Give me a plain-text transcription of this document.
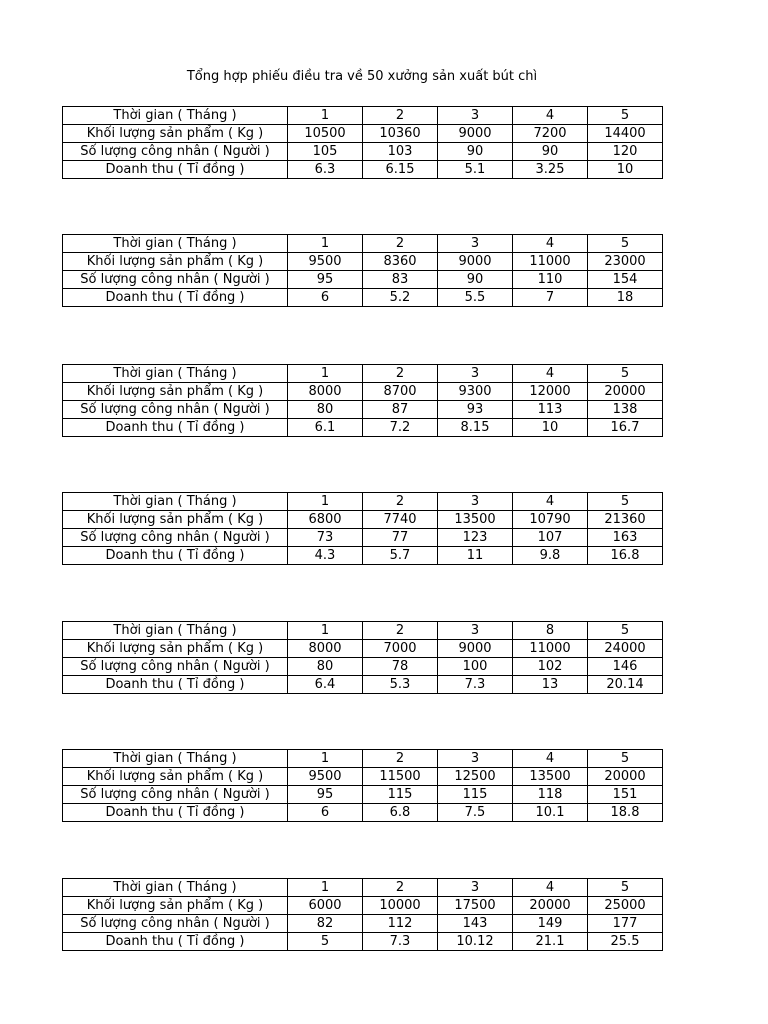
Tổng hợp phiếu điều tra về 50 xưởng sản xuất bút chì
Thời gian ( Tháng )	1	2	3	4	5
Khối lượng sản phẩm ( Kg )	10500	10360	9000	7200	14400
Số lượng công nhân ( Người )	105	103	90	90	120
Doanh thu ( Tỉ đồng )	6.3	6.15	5.1	3.25	10
Thời gian ( Tháng )	1	2	3	4	5
Khối lượng sản phẩm ( Kg )	9500	8360	9000	11000	23000
Số lượng công nhân ( Người )	95	83	90	110	154
Doanh thu ( Tỉ đồng )	6	5.2	5.5	7	18
Thời gian ( Tháng )	1	2	3	4	5
Khối lượng sản phẩm ( Kg )	8000	8700	9300	12000	20000
Số lượng công nhân ( Người )	80	87	93	113	138
Doanh thu ( Tỉ đồng )	6.1	7.2	8.15	10	16.7
Thời gian ( Tháng )	1	2	3	4	5
Khối lượng sản phẩm ( Kg )	6800	7740	13500	10790	21360
Số lượng công nhân ( Người )	73	77	123	107	163
Doanh thu ( Tỉ đồng )	4.3	5.7	11	9.8	16.8
Thời gian ( Tháng )	1	2	3	8	5
Khối lượng sản phẩm ( Kg )	8000	7000	9000	11000	24000
Số lượng công nhân ( Người )	80	78	100	102	146
Doanh thu ( Tỉ đồng )	6.4	5.3	7.3	13	20.14
Thời gian ( Tháng )	1	2	3	4	5
Khối lượng sản phẩm ( Kg )	9500	11500	12500	13500	20000
Số lượng công nhân ( Người )	95	115	115	118	151
Doanh thu ( Tỉ đồng )	6	6.8	7.5	10.1	18.8
Thời gian ( Tháng )	1	2	3	4	5
Khối lượng sản phẩm ( Kg )	6000	10000	17500	20000	25000
Số lượng công nhân ( Người )	82	112	143	149	177
Doanh thu ( Tỉ đồng )	5	7.3	10.12	21.1	25.5
